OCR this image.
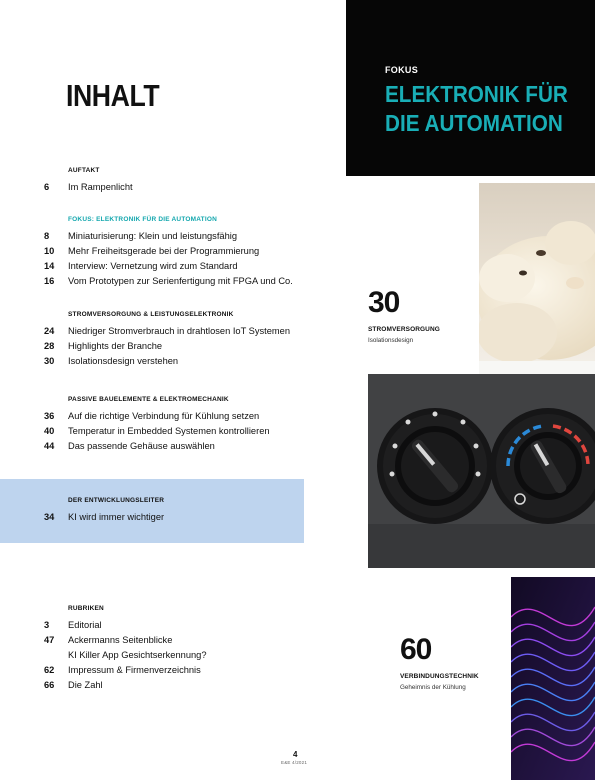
INHALT
AUFTAKT
6 Im Rampenlicht
FOKUS: ELEKTRONIK FÜR DIE AUTOMATION
8 Miniaturisierung: Klein und leistungsfähig
10 Mehr Freiheitsgerade bei der Programmierung
14 Interview: Vernetzung wird zum Standard
16 Vom Prototypen zur Serienfertigung mit FPGA und Co.
STROMVERSORGUNG & LEISTUNGSELEKTRONIK
24 Niedriger Stromverbrauch in drahtlosen IoT Systemen
28 Highlights der Branche
30 Isolationsdesign verstehen
PASSIVE BAUELEMENTE & ELEKTROMECHANIK
36 Auf die richtige Verbindung für Kühlung setzen
40 Temperatur in Embedded Systemen kontrollieren
44 Das passende Gehäuse auswählen
DER ENTWICKLUNGSLEITER
34 KI wird immer wichtiger
RUBRIKEN
3 Editorial
47 Ackermanns Seitenblicke
KI Killer App Gesichtserkennung?
62 Impressum & Firmenverzeichnis
66 Die Zahl
FOKUS
ELEKTRONIK FÜR
DIE AUTOMATION
30
STROMVERSORGUNG
Isolationsdesign
60
VERBINDUNGSTECHNIK
Geheimnis der Kühlung
4
E&E 4/2021
